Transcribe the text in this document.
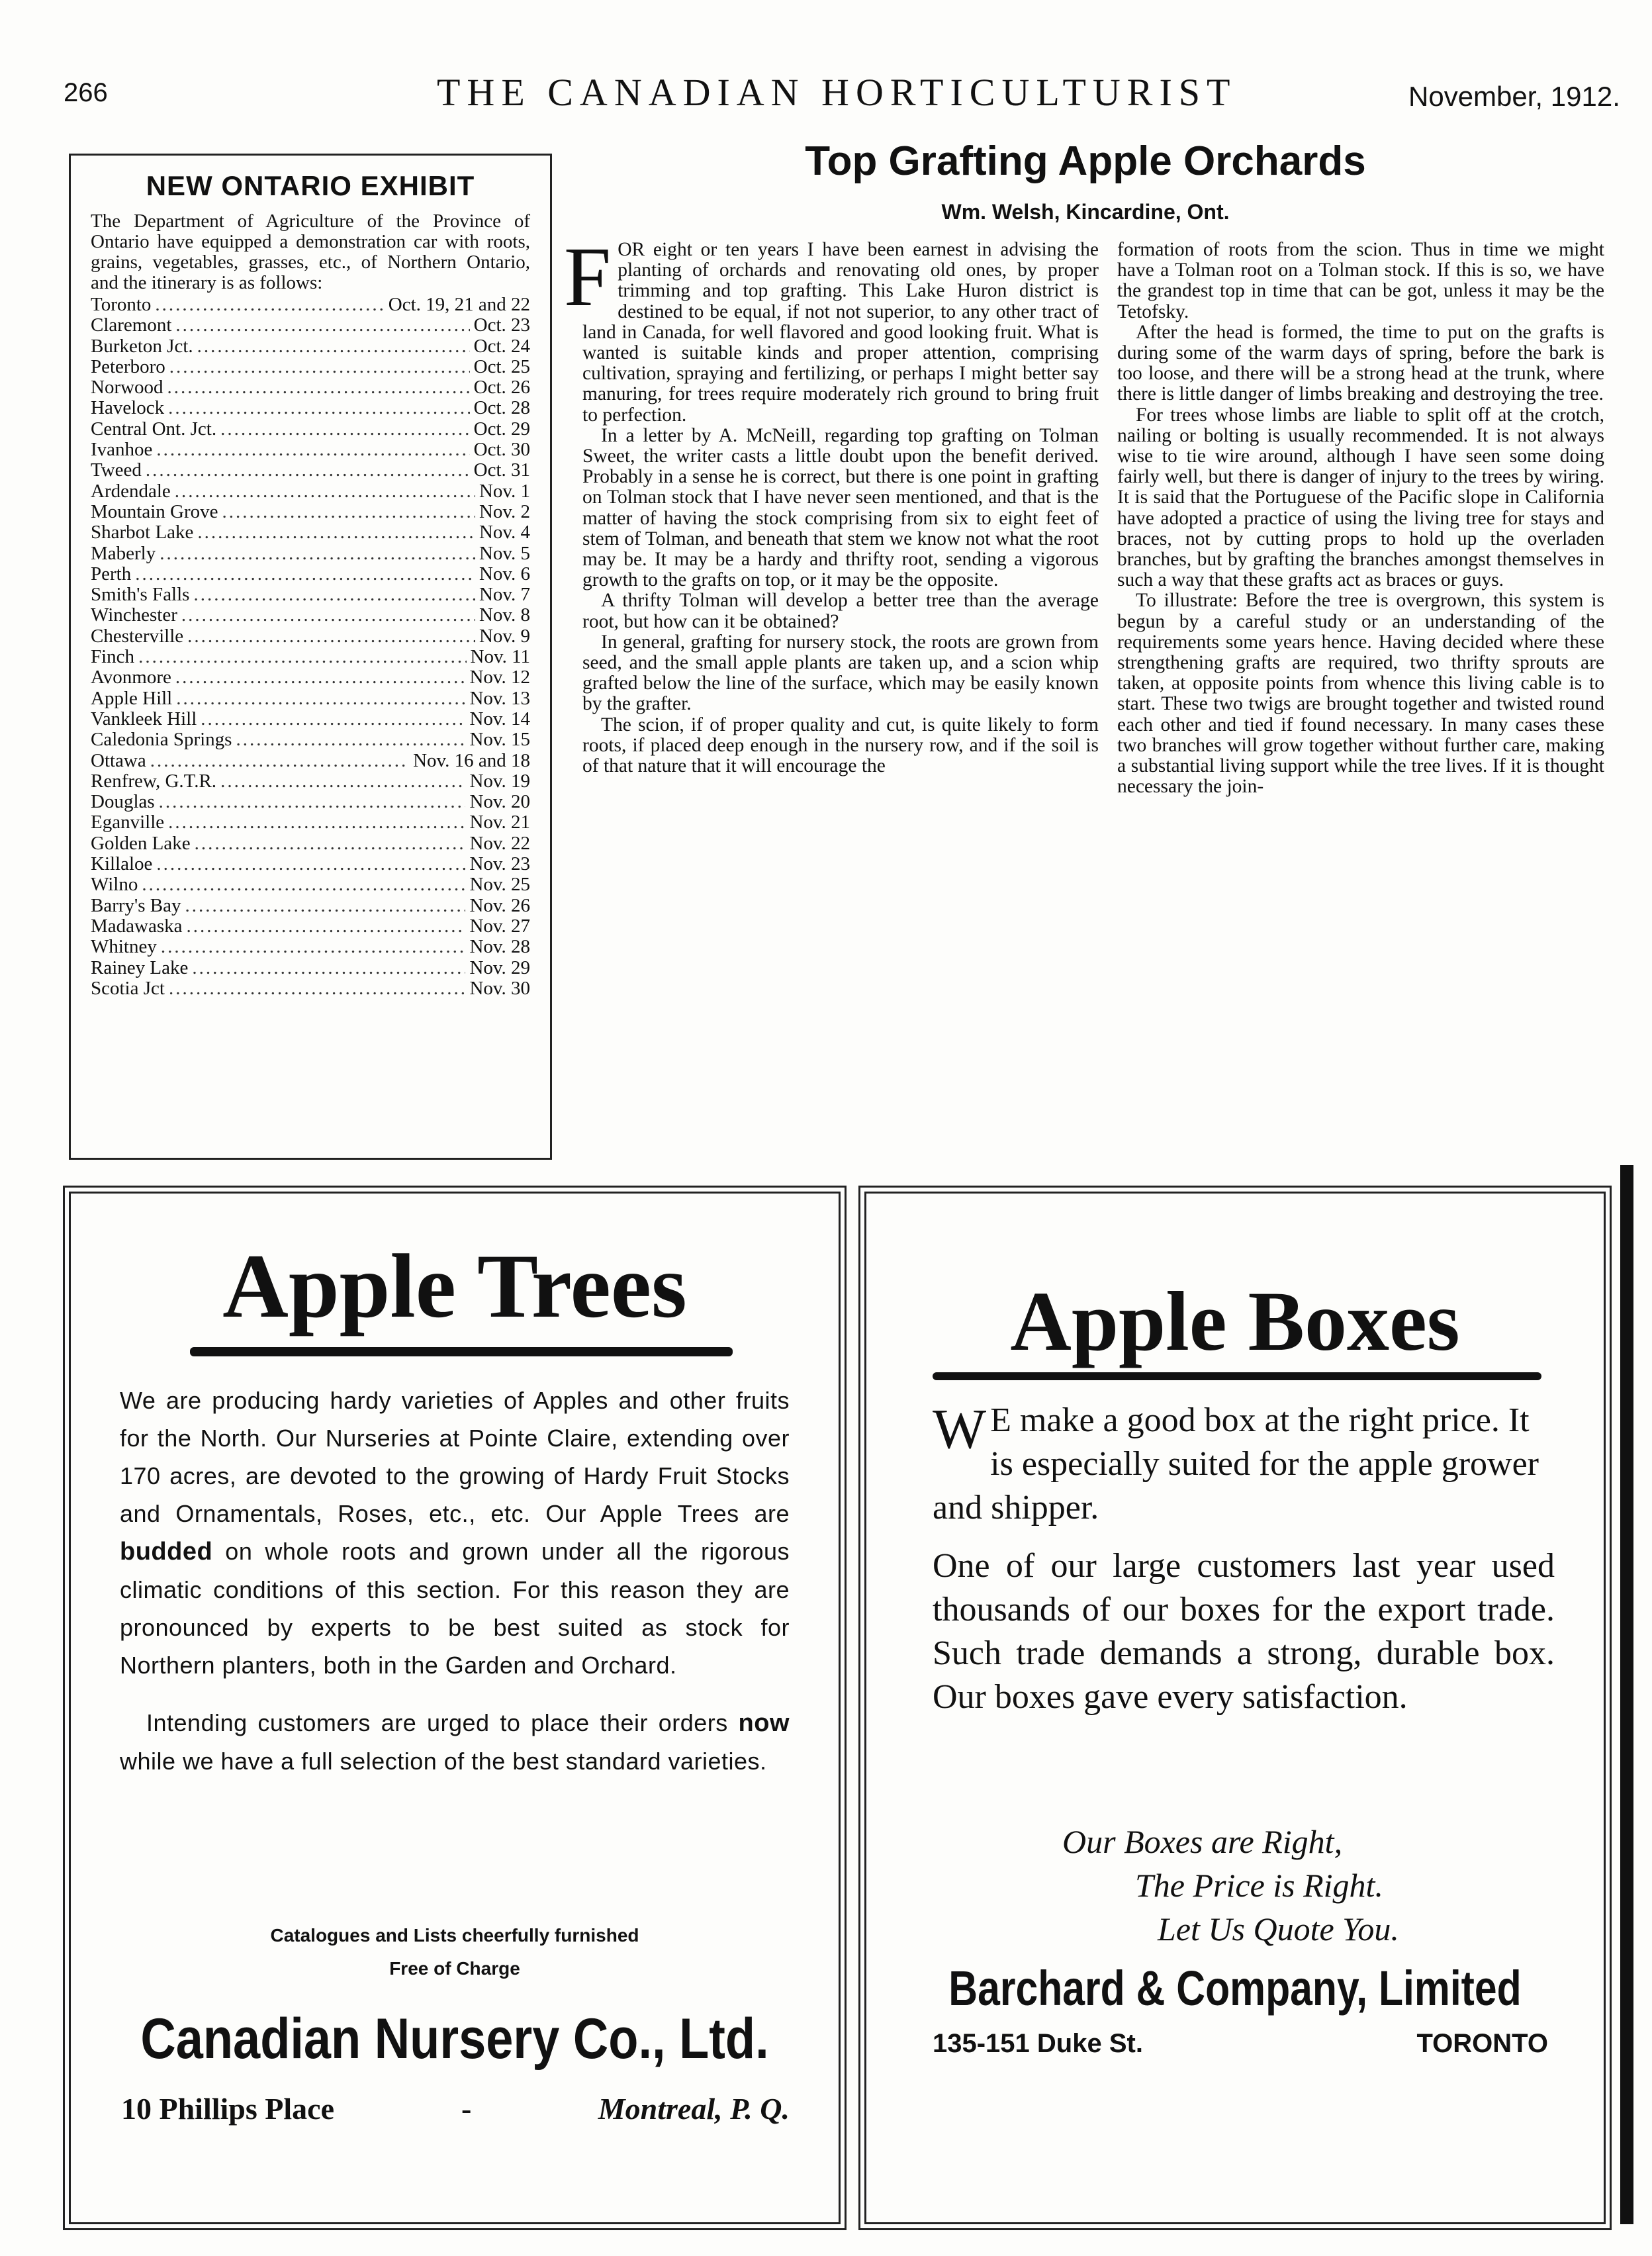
266	THE CANADIAN HORTICULTURIST	November, 1912.
NEW ONTARIO EXHIBIT

The Department of Agriculture of the Province of Ontario have equipped a demonstration car with roots, grains, vegetables, grasses, etc., of Northern Ontario, and the itinerary is as follows:

Toronto .....	Oct. 19, 21 and 22
Claremont .....	Oct. 23
Burketon Jct. .....	Oct. 24
Peterboro .....	Oct. 25
Norwood .....	Oct. 26
Havelock .....	Oct. 28
Central Ont. Jct. .....	Oct. 29
Ivanhoe .....	Oct. 30
Tweed .....	Oct. 31
Ardendale .....	Nov. 1
Mountain Grove .....	Nov. 2
Sharbot Lake .....	Nov. 4
Maberly .....	Nov. 5
Perth .....	Nov. 6
Smith's Falls .....	Nov. 7
Winchester .....	Nov. 8
Chesterville .....	Nov. 9
Finch .....	Nov. 11
Avonmore .....	Nov. 12
Apple Hill .....	Nov. 13
Vankleek Hill .....	Nov. 14
Caledonia Springs .....	Nov. 15
Ottawa .....	Nov. 16 and 18
Renfrew, G.T.R. .....	Nov. 19
Douglas .....	Nov. 20
Eganville .....	Nov. 21
Golden Lake .....	Nov. 22
Killaloe .....	Nov. 23
Wilno .....	Nov. 25
Barry's Bay .....	Nov. 26
Madawaska .....	Nov. 27
Whitney .....	Nov. 28
Rainey Lake .....	Nov. 29
Scotia Jct .....	Nov. 30
Top Grafting Apple Orchards
Wm. Welsh, Kincardine, Ont.

FOR eight or ten years I have been earnest in advising the planting of orchards and renovating old ones, by proper trimming and top grafting. This Lake Huron district is destined to be equal, if not not superior, to any other tract of land in Canada, for well flavored and good looking fruit. What is wanted is suitable kinds and proper attention, comprising cultivation, spraying and fertilizing, or perhaps I might better say manuring, for trees require moderately rich ground to bring fruit to perfection.

In a letter by A. McNeill, regarding top grafting on Tolman Sweet, the writer casts a little doubt upon the benefit derived. Probably in a sense he is correct, but there is one point in grafting on Tolman stock that I have never seen mentioned, and that is the matter of having the stock comprising from six to eight feet of stem of Tolman, and beneath that stem we know not what the root may be. It may be a hardy and thrifty root, sending a vigorous growth to the grafts on top, or it may be the opposite.

A thrifty Tolman will develop a better tree than the average root, but how can it be obtained?

In general, grafting for nursery stock, the roots are grown from seed, and the small apple plants are taken up, and a scion whip grafted below the line of the surface, which may be easily known by the grafter.

The scion, if of proper quality and cut, is quite likely to form roots, if placed deep enough in the nursery row, and if the soil is of that nature that it will encourage the

formation of roots from the scion. Thus in time we might have a Tolman root on a Tolman stock. If this is so, we have the grandest top in time that can be got, unless it may be the Tetofsky.

After the head is formed, the time to put on the grafts is during some of the warm days of spring, before the bark is too loose, and there will be a strong head at the trunk, where there is little danger of limbs breaking and destroying the tree.

For trees whose limbs are liable to split off at the crotch, nailing or bolting is usually recommended. It is not always wise to tie wire around, although I have seen some doing fairly well, but there is danger of injury to the trees by wiring. It is said that the Portuguese of the Pacific slope in California have adopted a practice of using the living tree for stays and braces, not by cutting props to hold up the overladen branches, but by grafting the branches amongst themselves in such a way that these grafts act as braces or guys.

To illustrate: Before the tree is overgrown, this system is begun by a careful study or an understanding of the requirements some years hence. Having decided where these strengthening grafts are required, two thrifty sprouts are taken, at opposite points from whence this living cable is to start. These two twigs are brought together and twisted round each other and tied if found necessary. In many cases these two branches will grow together without further care, making a substantial living support while the tree lives. If it is thought necessary the join-

Apple Trees

We are producing hardy varieties of Apples and other fruits for the North. Our Nurseries at Pointe Claire, extending over 170 acres, are devoted to the growing of Hardy Fruit Stocks and Ornamentals, Roses, etc., etc. Our Apple Trees are budded on whole roots and grown under all the rigorous climatic conditions of this section. For this reason they are pronounced by experts to be best suited as stock for Northern planters, both in the Garden and Orchard.

Intending customers are urged to place their orders now while we have a full selection of the best standard varieties.

Catalogues and Lists cheerfully furnished
Free of Charge
Canadian Nursery Co., Ltd.
10 Phillips Place	-	Montreal, P. Q.
Apple Boxes
W E make a good box at the right price. It is especially suited for the apple grower and shipper.
One of our large customers last year used thousands of our boxes for the export trade. Such trade demands a strong, durable box. Our boxes gave every satisfaction.
Our Boxes are Right,
The Price is Right.
Let Us Quote You.
Barchard & Company, Limited
135-151 Duke St.	TORONTO
